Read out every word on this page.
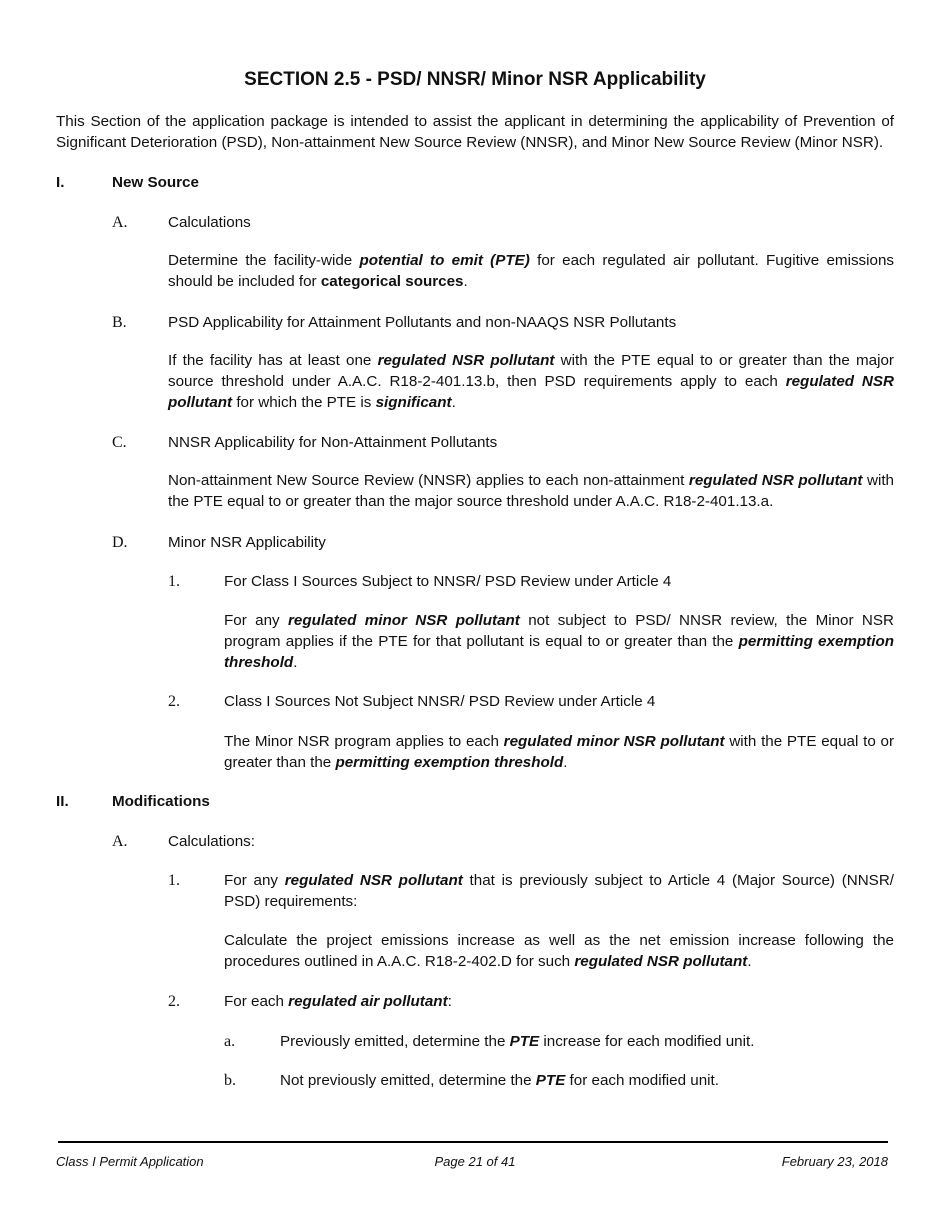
SECTION 2.5 - PSD/ NNSR/ Minor NSR Applicability
This Section of the application package is intended to assist the applicant in determining the applicability of Prevention of Significant Deterioration (PSD), Non-attainment New Source Review (NNSR), and Minor New Source Review (Minor NSR).
I.	New Source
A.	Calculations
Determine the facility-wide potential to emit (PTE) for each regulated air pollutant. Fugitive emissions should be included for categorical sources.
B.	PSD Applicability for Attainment Pollutants and non-NAAQS NSR Pollutants
If the facility has at least one regulated NSR pollutant with the PTE equal to or greater than the major source threshold under A.A.C. R18-2-401.13.b, then PSD requirements apply to each regulated NSR pollutant for which the PTE is significant.
C.	NNSR Applicability for Non-Attainment Pollutants
Non-attainment New Source Review (NNSR) applies to each non-attainment regulated NSR pollutant with the PTE equal to or greater than the major source threshold under A.A.C. R18-2-401.13.a.
D.	Minor NSR Applicability
1.	For Class I Sources Subject to NNSR/ PSD Review under Article 4
For any regulated minor NSR pollutant not subject to PSD/ NNSR review, the Minor NSR program applies if the PTE for that pollutant is equal to or greater than the permitting exemption threshold.
2.	Class I Sources Not Subject NNSR/ PSD Review under Article 4
The Minor NSR program applies to each regulated minor NSR pollutant with the PTE equal to or greater than the permitting exemption threshold.
II.	Modifications
A.	Calculations:
1.	For any regulated NSR pollutant that is previously subject to Article 4 (Major Source) (NNSR/ PSD) requirements:
Calculate the project emissions increase as well as the net emission increase following the procedures outlined in A.A.C. R18-2-402.D for such regulated NSR pollutant.
2.	For each regulated air pollutant:
a.	Previously emitted, determine the PTE increase for each modified unit.
b.	Not previously emitted, determine the PTE for each modified unit.
Class I Permit Application	Page 21 of 41	February 23, 2018
